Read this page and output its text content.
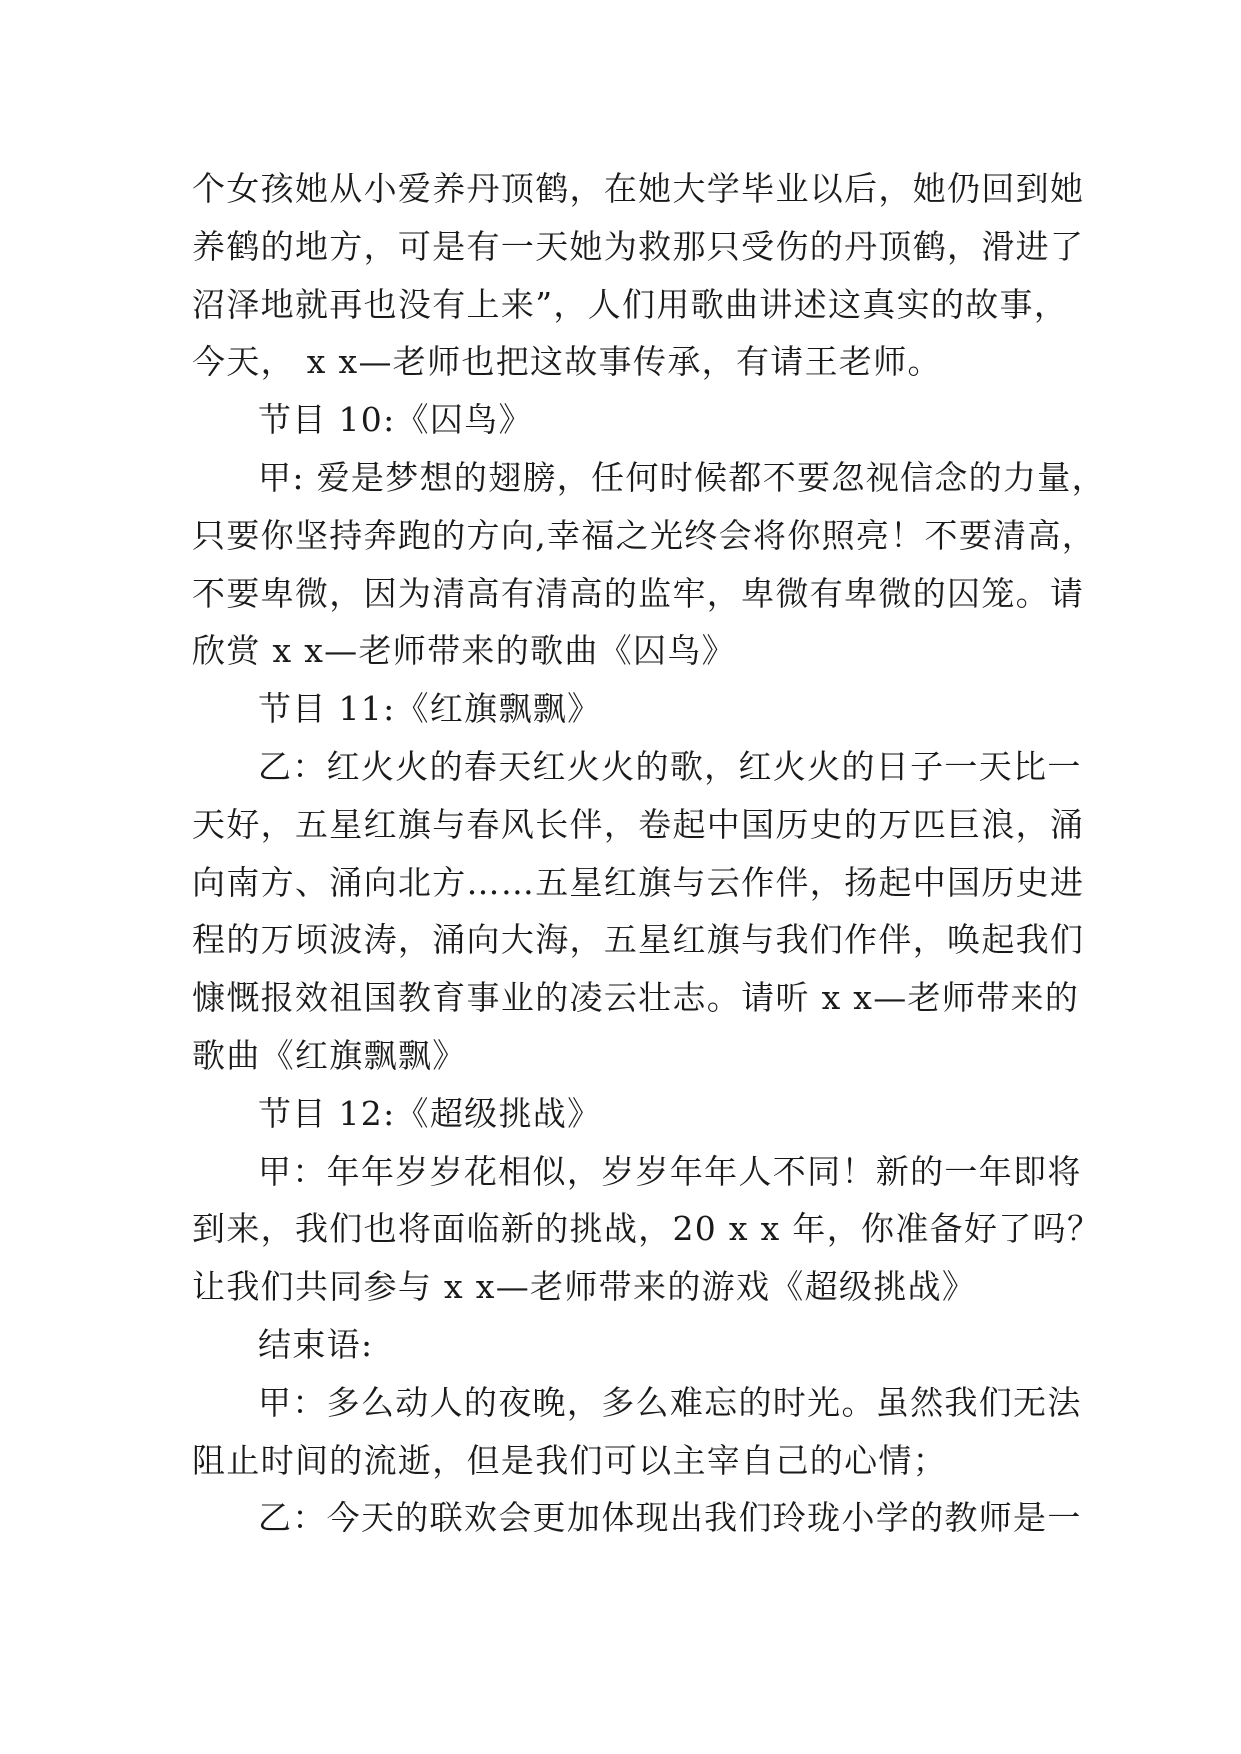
个女孩她从小爱养丹顶鹤，在她大学毕业以后，她仍回到她
养鹤的地方，可是有一天她为救那只受伤的丹顶鹤，滑进了
沼泽地就再也没有上来”，人们用歌曲讲述这真实的故事，
今天， x x—老师也把这故事传承，有请王老师。
节目 10:《囚鸟》
甲: 爱是梦想的翅膀，任何时候都不要忽视信念的力量，
只要你坚持奔跑的方向,幸福之光终会将你照亮！不要清高，
不要卑微，因为清高有清高的监牢，卑微有卑微的囚笼。请
欣赏 x x—老师带来的歌曲《囚鸟》
节目 11:《红旗飘飘》
乙：红火火的春天红火火的歌，红火火的日子一天比一
天好，五星红旗与春风长伴，卷起中国历史的万匹巨浪，涌
向南方、涌向北方……五星红旗与云作伴，扬起中国历史进
程的万顷波涛，涌向大海，五星红旗与我们作伴，唤起我们
慷慨报效祖国教育事业的凌云壮志。请听 x x—老师带来的
歌曲《红旗飘飘》
节目 12:《超级挑战》
甲：年年岁岁花相似，岁岁年年人不同！新的一年即将
到来，我们也将面临新的挑战，20 x x 年，你准备好了吗？
让我们共同参与 x x—老师带来的游戏《超级挑战》
结束语:
甲：多么动人的夜晚，多么难忘的时光。虽然我们无法
阻止时间的流逝，但是我们可以主宰自己的心情；
乙：今天的联欢会更加体现出我们玲珑小学的教师是一
